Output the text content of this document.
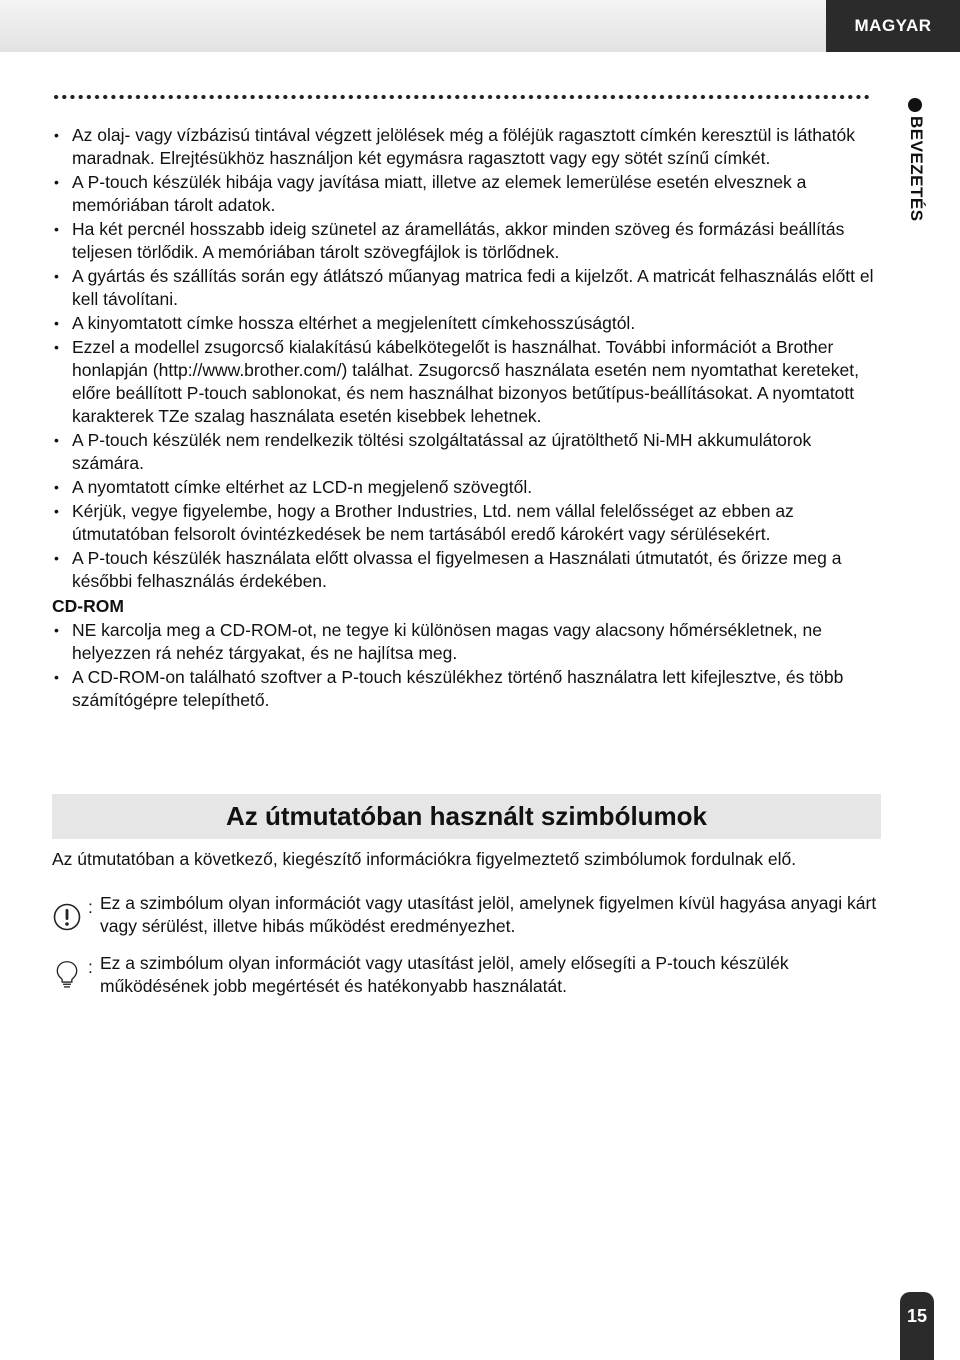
MAGYAR
BEVEZETÉS
• Az olaj- vagy vízbázisú tintával végzett jelölések még a föléjük ragasztott címkén keresztül is láthatók maradnak. Elrejtésükhöz használjon két egymásra ragasztott vagy egy sötét színű címkét.
• A P-touch készülék hibája vagy javítása miatt, illetve az elemek lemerülése esetén elvesznek a memóriában tárolt adatok.
• Ha két percnél hosszabb ideig szünetel az áramellátás, akkor minden szöveg és formázási beállítás teljesen törlődik. A memóriában tárolt szövegfájlok is törlődnek.
• A gyártás és szállítás során egy átlátszó műanyag matrica fedi a kijelzőt. A matricát felhasználás előtt el kell távolítani.
• A kinyomtatott címke hossza eltérhet a megjelenített címkehosszúságtól.
• Ezzel a modellel zsugorcső kialakítású kábelkötegelőt is használhat. További információt a Brother honlapján (http://www.brother.com/) találhat. Zsugorcső használata esetén nem nyomtathat kereteket, előre beállított P-touch sablonokat, és nem használhat bizonyos betűtípus-beállításokat. A nyomtatott karakterek TZe szalag használata esetén kisebbek lehetnek.
• A P-touch készülék nem rendelkezik töltési szolgáltatással az újratölthető Ni-MH akkumulátorok számára.
• A nyomtatott címke eltérhet az LCD-n megjelenő szövegtől.
• Kérjük, vegye figyelembe, hogy a Brother Industries, Ltd. nem vállal felelősséget az ebben az útmutatóban felsorolt óvintézkedések be nem tartásából eredő károkért vagy sérülésekért.
• A P-touch készülék használata előtt olvassa el figyelmesen a Használati útmutatót, és őrizze meg a későbbi felhasználás érdekében.
CD-ROM
• NE karcolja meg a CD-ROM-ot, ne tegye ki különösen magas vagy alacsony hőmérsékletnek, ne helyezzen rá nehéz tárgyakat, és ne hajlítsa meg.
• A CD-ROM-on található szoftver a P-touch készülékhez történő használatra lett kifejlesztve, és több számítógépre telepíthető.
Az útmutatóban használt szimbólumok
Az útmutatóban a következő, kiegészítő információkra figyelmeztető szimbólumok fordulnak elő.
: Ez a szimbólum olyan információt vagy utasítást jelöl, amelynek figyelmen kívül hagyása anyagi kárt vagy sérülést, illetve hibás működést eredményezhet.
: Ez a szimbólum olyan információt vagy utasítást jelöl, amely elősegíti a P-touch készülék működésének jobb megértését és hatékonyabb használatát.
15
